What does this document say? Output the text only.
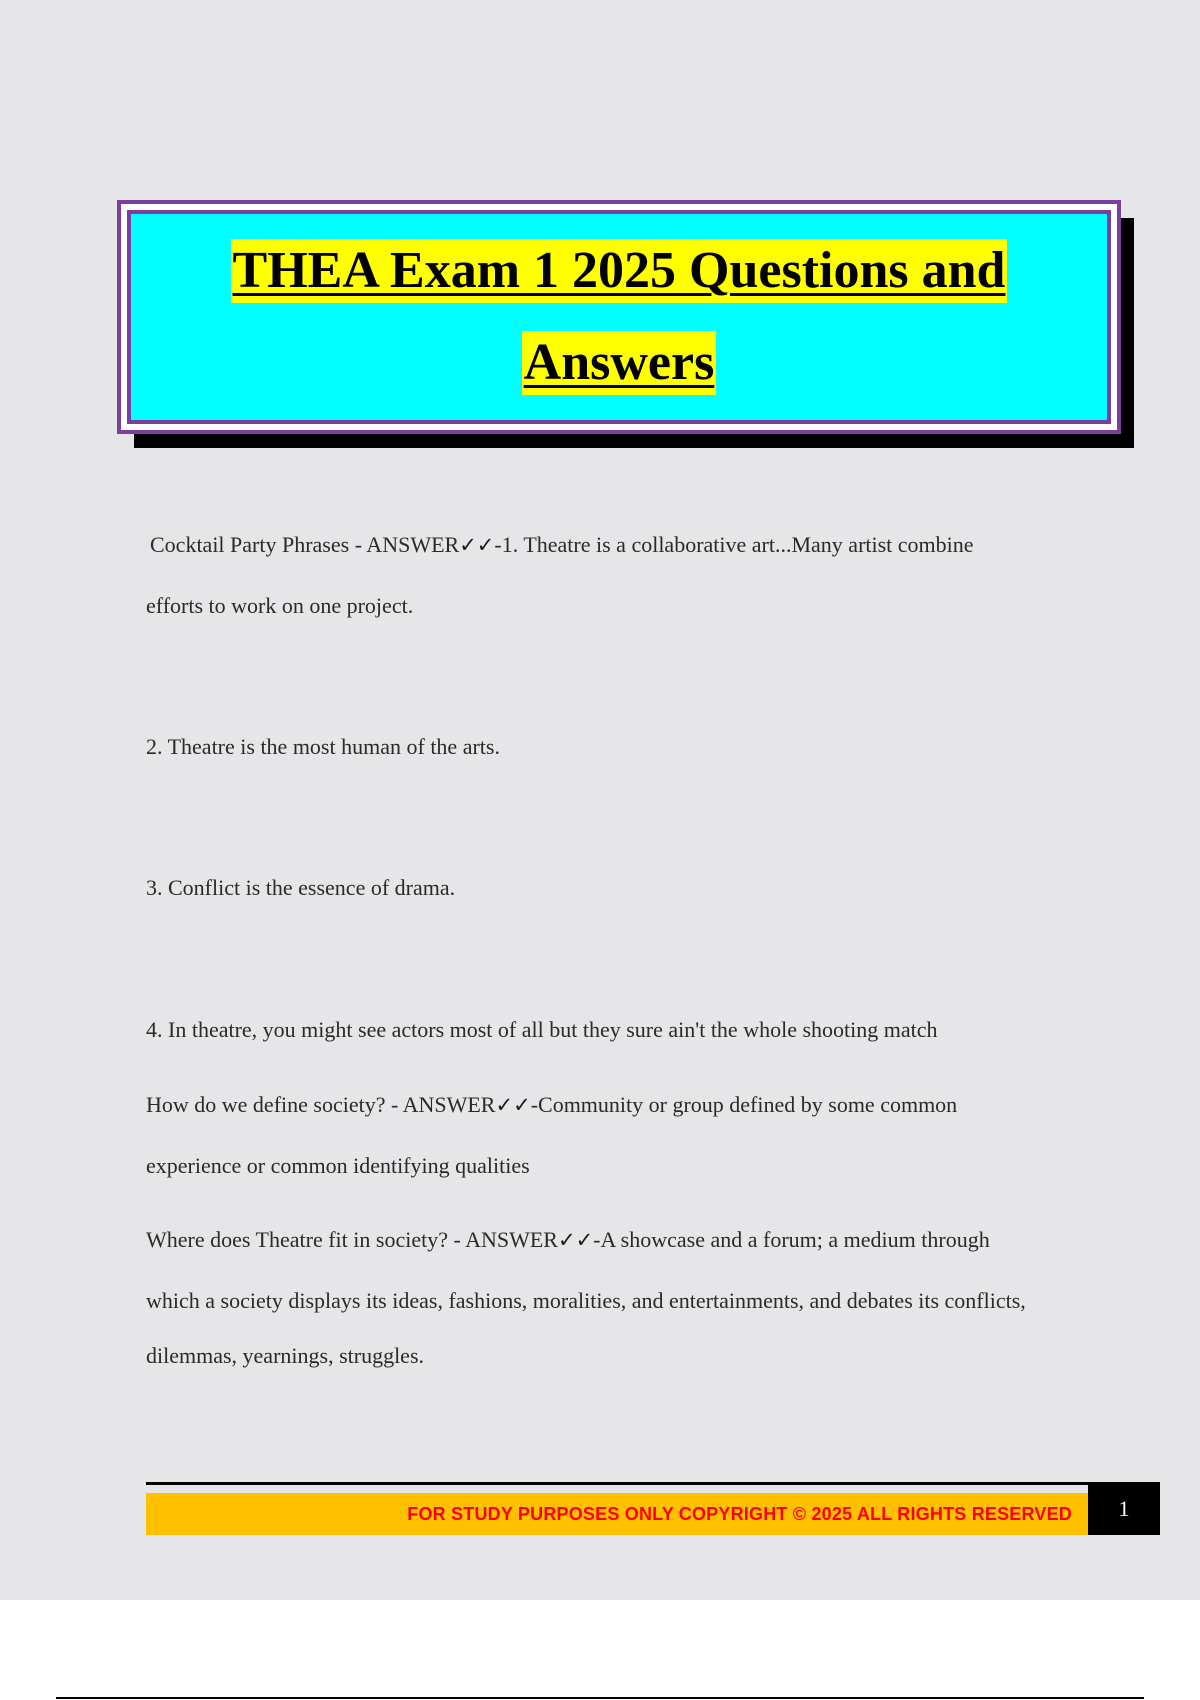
THEA Exam 1 2025 Questions and
Answers
Cocktail Party Phrases - ANSWER✓✓-1. Theatre is a collaborative art...Many artist combine
efforts to work on one project.
2. Theatre is the most human of the arts.
3. Conflict is the essence of drama.
4. In theatre, you might see actors most of all but they sure ain't the whole shooting match
How do we define society? - ANSWER✓✓-Community or group defined by some common
experience or common identifying qualities
Where does Theatre fit in society? - ANSWER✓✓-A showcase and a forum; a medium through
which a society displays its ideas, fashions, moralities, and entertainments, and debates its conflicts,
dilemmas, yearnings, struggles.
FOR STUDY PURPOSES ONLY COPYRIGHT © 2025 ALL RIGHTS RESERVED 1
